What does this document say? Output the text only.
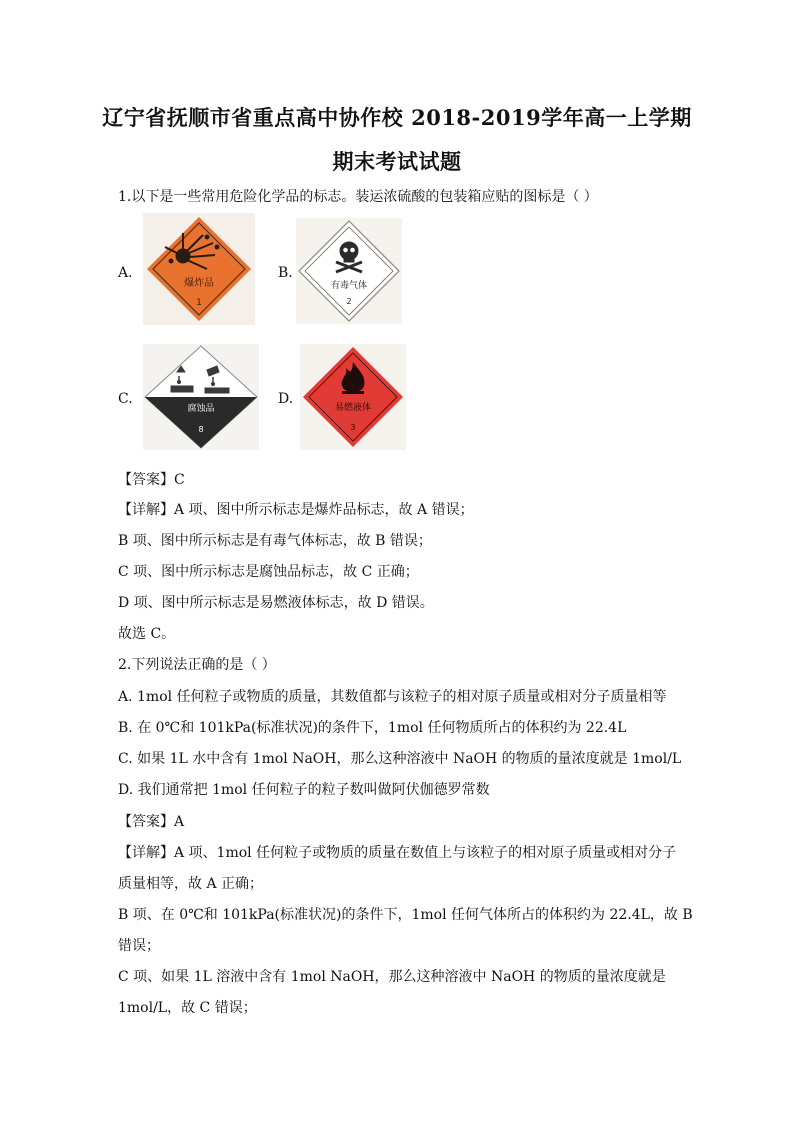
辽宁省抚顺市省重点高中协作校 2018-2019学年高一上学期
期末考试试题
1.以下是一些常用危险化学品的标志。装运浓硫酸的包装箱应贴的图标是（ ）
A.
爆炸品
1
B.
有毒气体
2
C.
腐蚀品
8
D.
易燃液体
3
【答案】C
【详解】A 项、图中所示标志是爆炸品标志，故 A 错误；
B 项、图中所示标志是有毒气体标志，故 B 错误；
C 项、图中所示标志是腐蚀品标志，故 C 正确；
D 项、图中所示标志是易燃液体标志，故 D 错误。
故选 C。
2.下列说法正确的是（ ）
A. 1mol 任何粒子或物质的质量，其数值都与该粒子的相对原子质量或相对分子质量相等
B. 在 0℃和 101kPa(标准状况)的条件下，1mol 任何物质所占的体积约为 22.4L
C. 如果 1L 水中含有 1mol NaOH，那么这种溶液中 NaOH 的物质的量浓度就是 1mol/L
D. 我们通常把 1mol 任何粒子的粒子数叫做阿伏伽德罗常数
【答案】A
【详解】A 项、1mol 任何粒子或物质的质量在数值上与该粒子的相对原子质量或相对分子
质量相等，故 A 正确；
B 项、在 0℃和 101kPa(标准状况)的条件下，1mol 任何气体所占的体积约为 22.4L，故 B
错误；
C 项、如果 1L 溶液中含有 1mol NaOH，那么这种溶液中 NaOH 的物质的量浓度就是
1mol/L，故 C 错误；
